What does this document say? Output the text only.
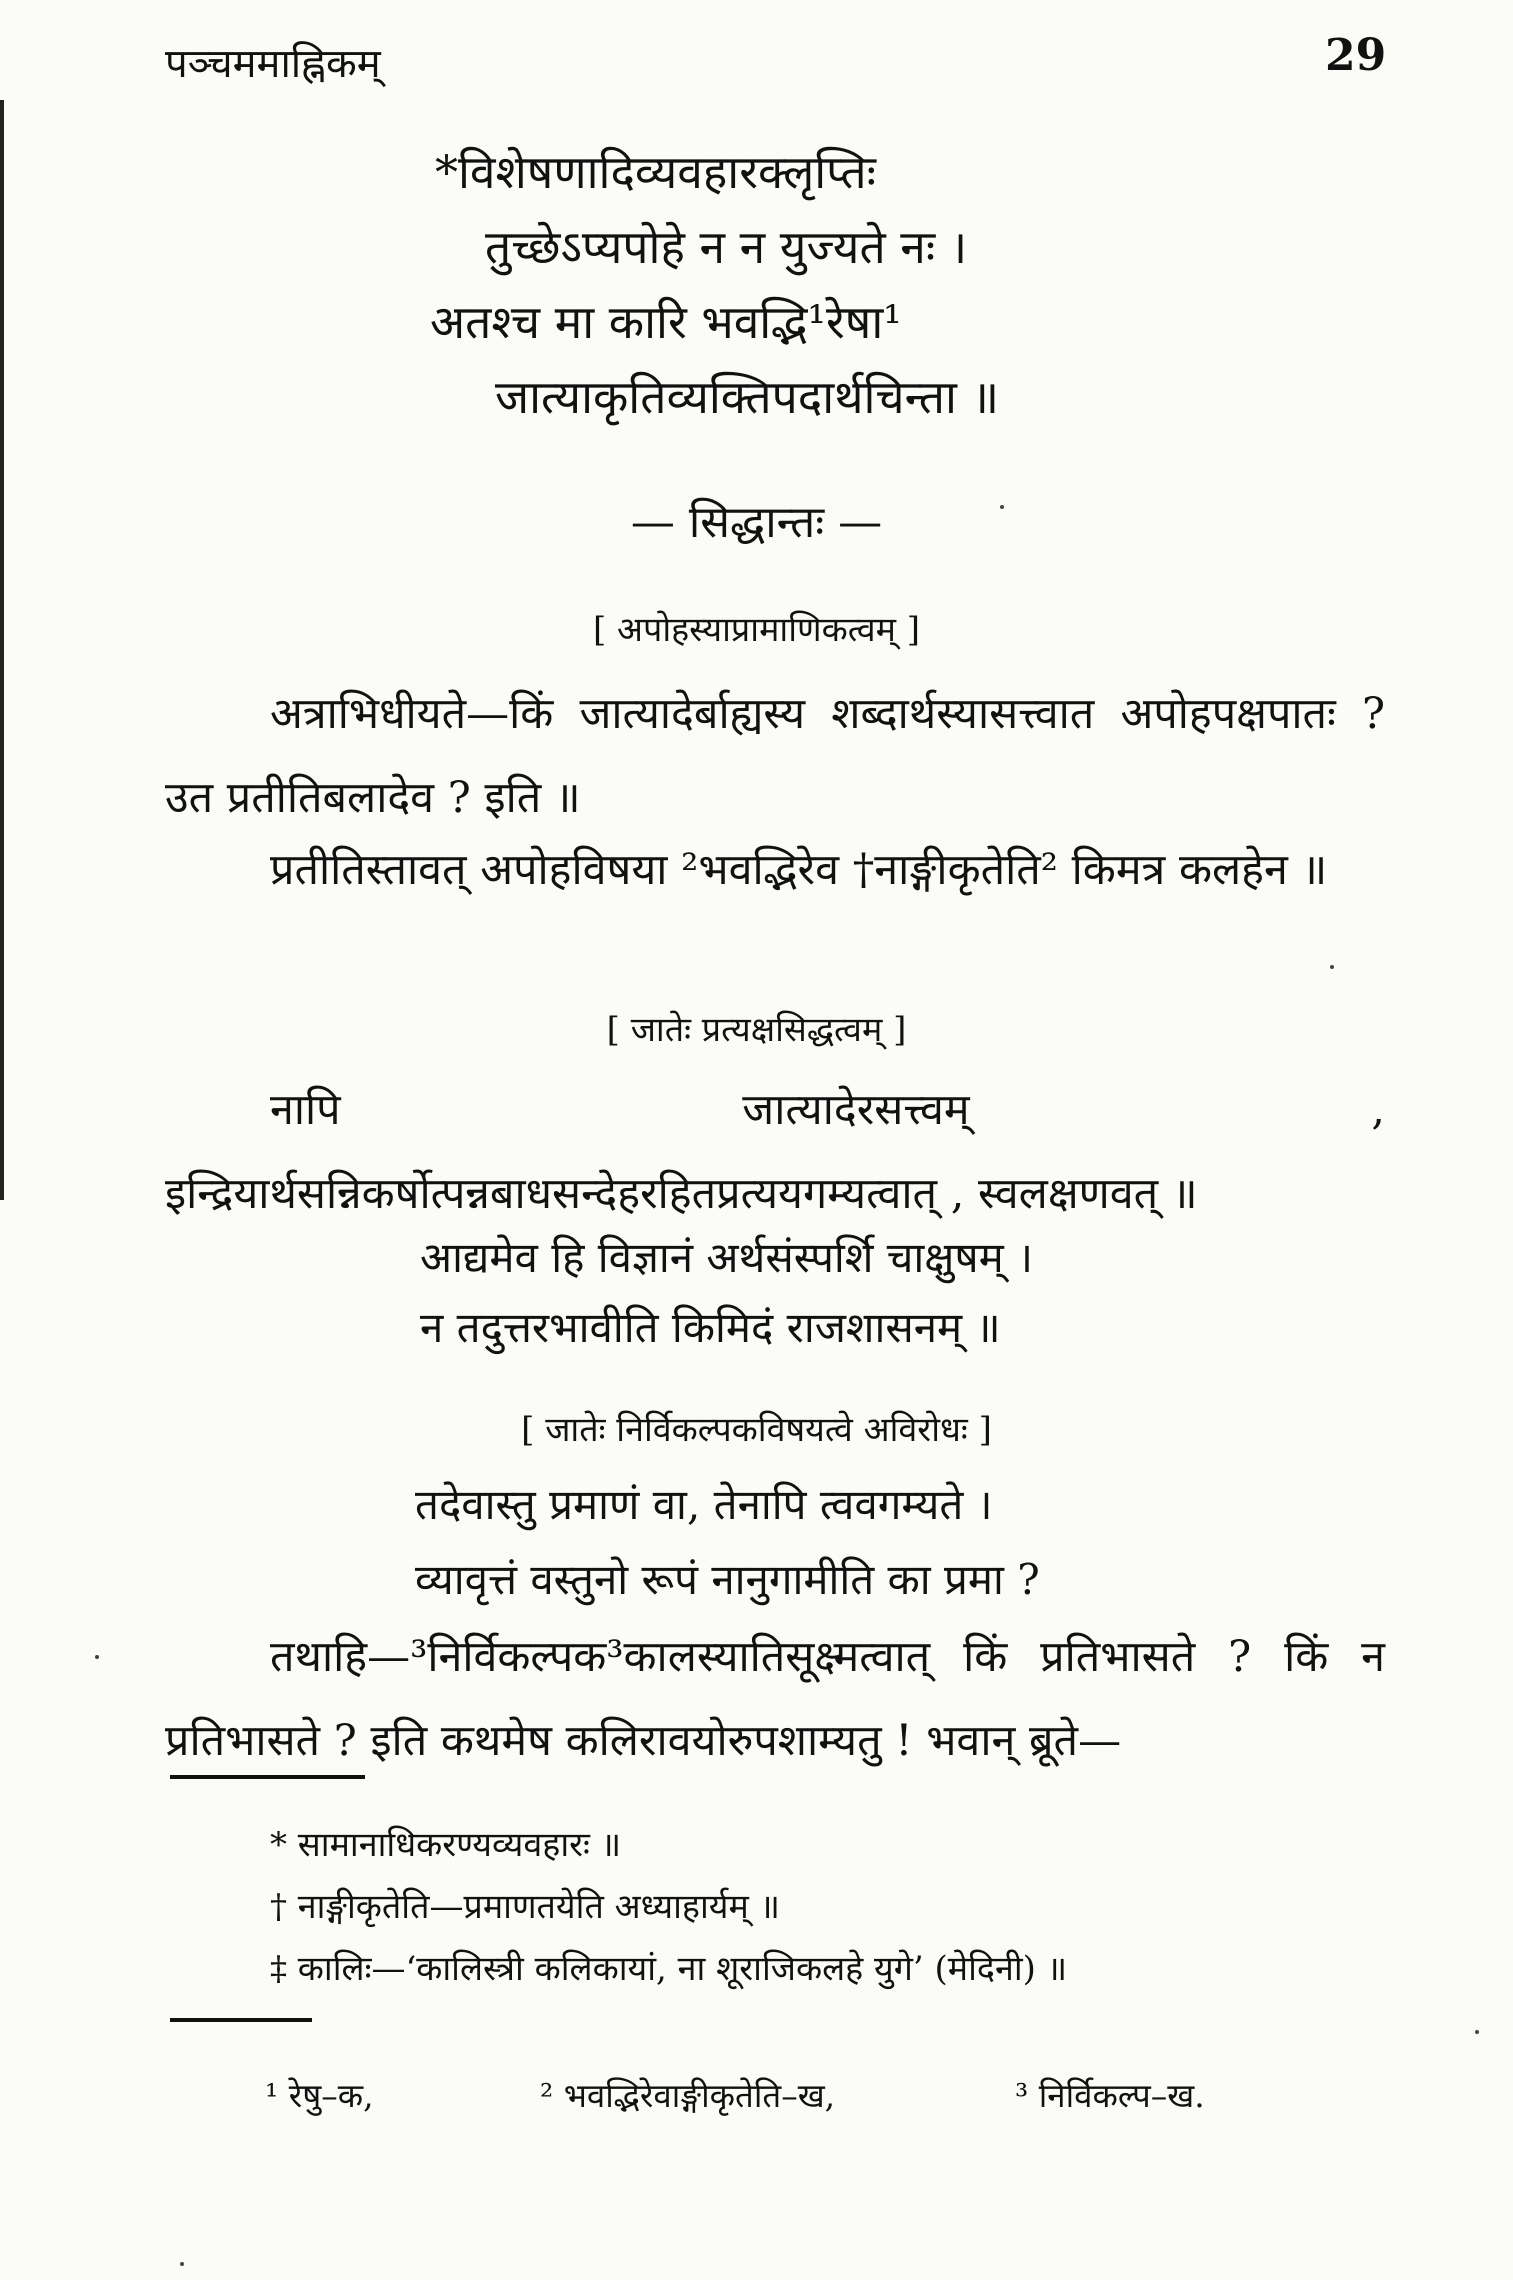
पञ्चममाह्निकम्	29
*विशेषणादिव्यवहारक्लृप्तिः
तुच्छेऽप्यपोहे न न युज्यते नः ।
अतश्च मा कारि भवद्भि¹रेषा¹
जात्याकृतिव्यक्तिपदार्थचिन्ता ॥
— सिद्धान्तः —
[ अपोहस्याप्रामाणिकत्वम् ]
अत्राभिधीयते—किं जात्यादेर्बाह्यस्य शब्दार्थस्यासत्त्वात अपोहपक्षपातः ? उत प्रतीतिबलादेव ? इति ॥
प्रतीतिस्तावत् अपोहविषया ²भवद्भिरेव †नाङ्गीकृतेति² किमत्र कलहेन ॥
[ जातेः प्रत्यक्षसिद्धत्वम् ]
नापि जात्यादेरसत्त्वम् , इन्द्रियार्थसन्निकर्षोत्पन्नबाधसन्देहरहितप्रत्ययगम्यत्वात् , स्वलक्षणवत् ॥
आद्यमेव हि विज्ञानं अर्थसंस्पर्शि चाक्षुषम् ।
न तदुत्तरभावीति किमिदं राजशासनम् ॥
[ जातेः निर्विकल्पकविषयत्वे अविरोधः ]
तदेवास्तु प्रमाणं वा, तेनापि त्ववगम्यते ।
व्यावृत्तं वस्तुनो रूपं नानुगामीति का प्रमा ?
तथाहि—³निर्विकल्पक³कालस्यातिसूक्ष्मत्वात् किं प्रतिभासते ? किं न प्रतिभासते ? इति कथमेष कलिरावयोरुपशाम्यतु ! भवान् ब्रूते—
* सामानाधिकरण्यव्यवहारः ॥
† नाङ्गीकृतेति—प्रमाणतयेति अध्याहार्यम् ॥
‡ कालिः—‘कालिस्त्री कलिकायां, ना शूराजिकलहे युगे’ (मेदिनी) ॥
¹ रेषु–क,	² भवद्भिरेवाङ्गीकृतेति–ख,	³ निर्विकल्प–ख.
